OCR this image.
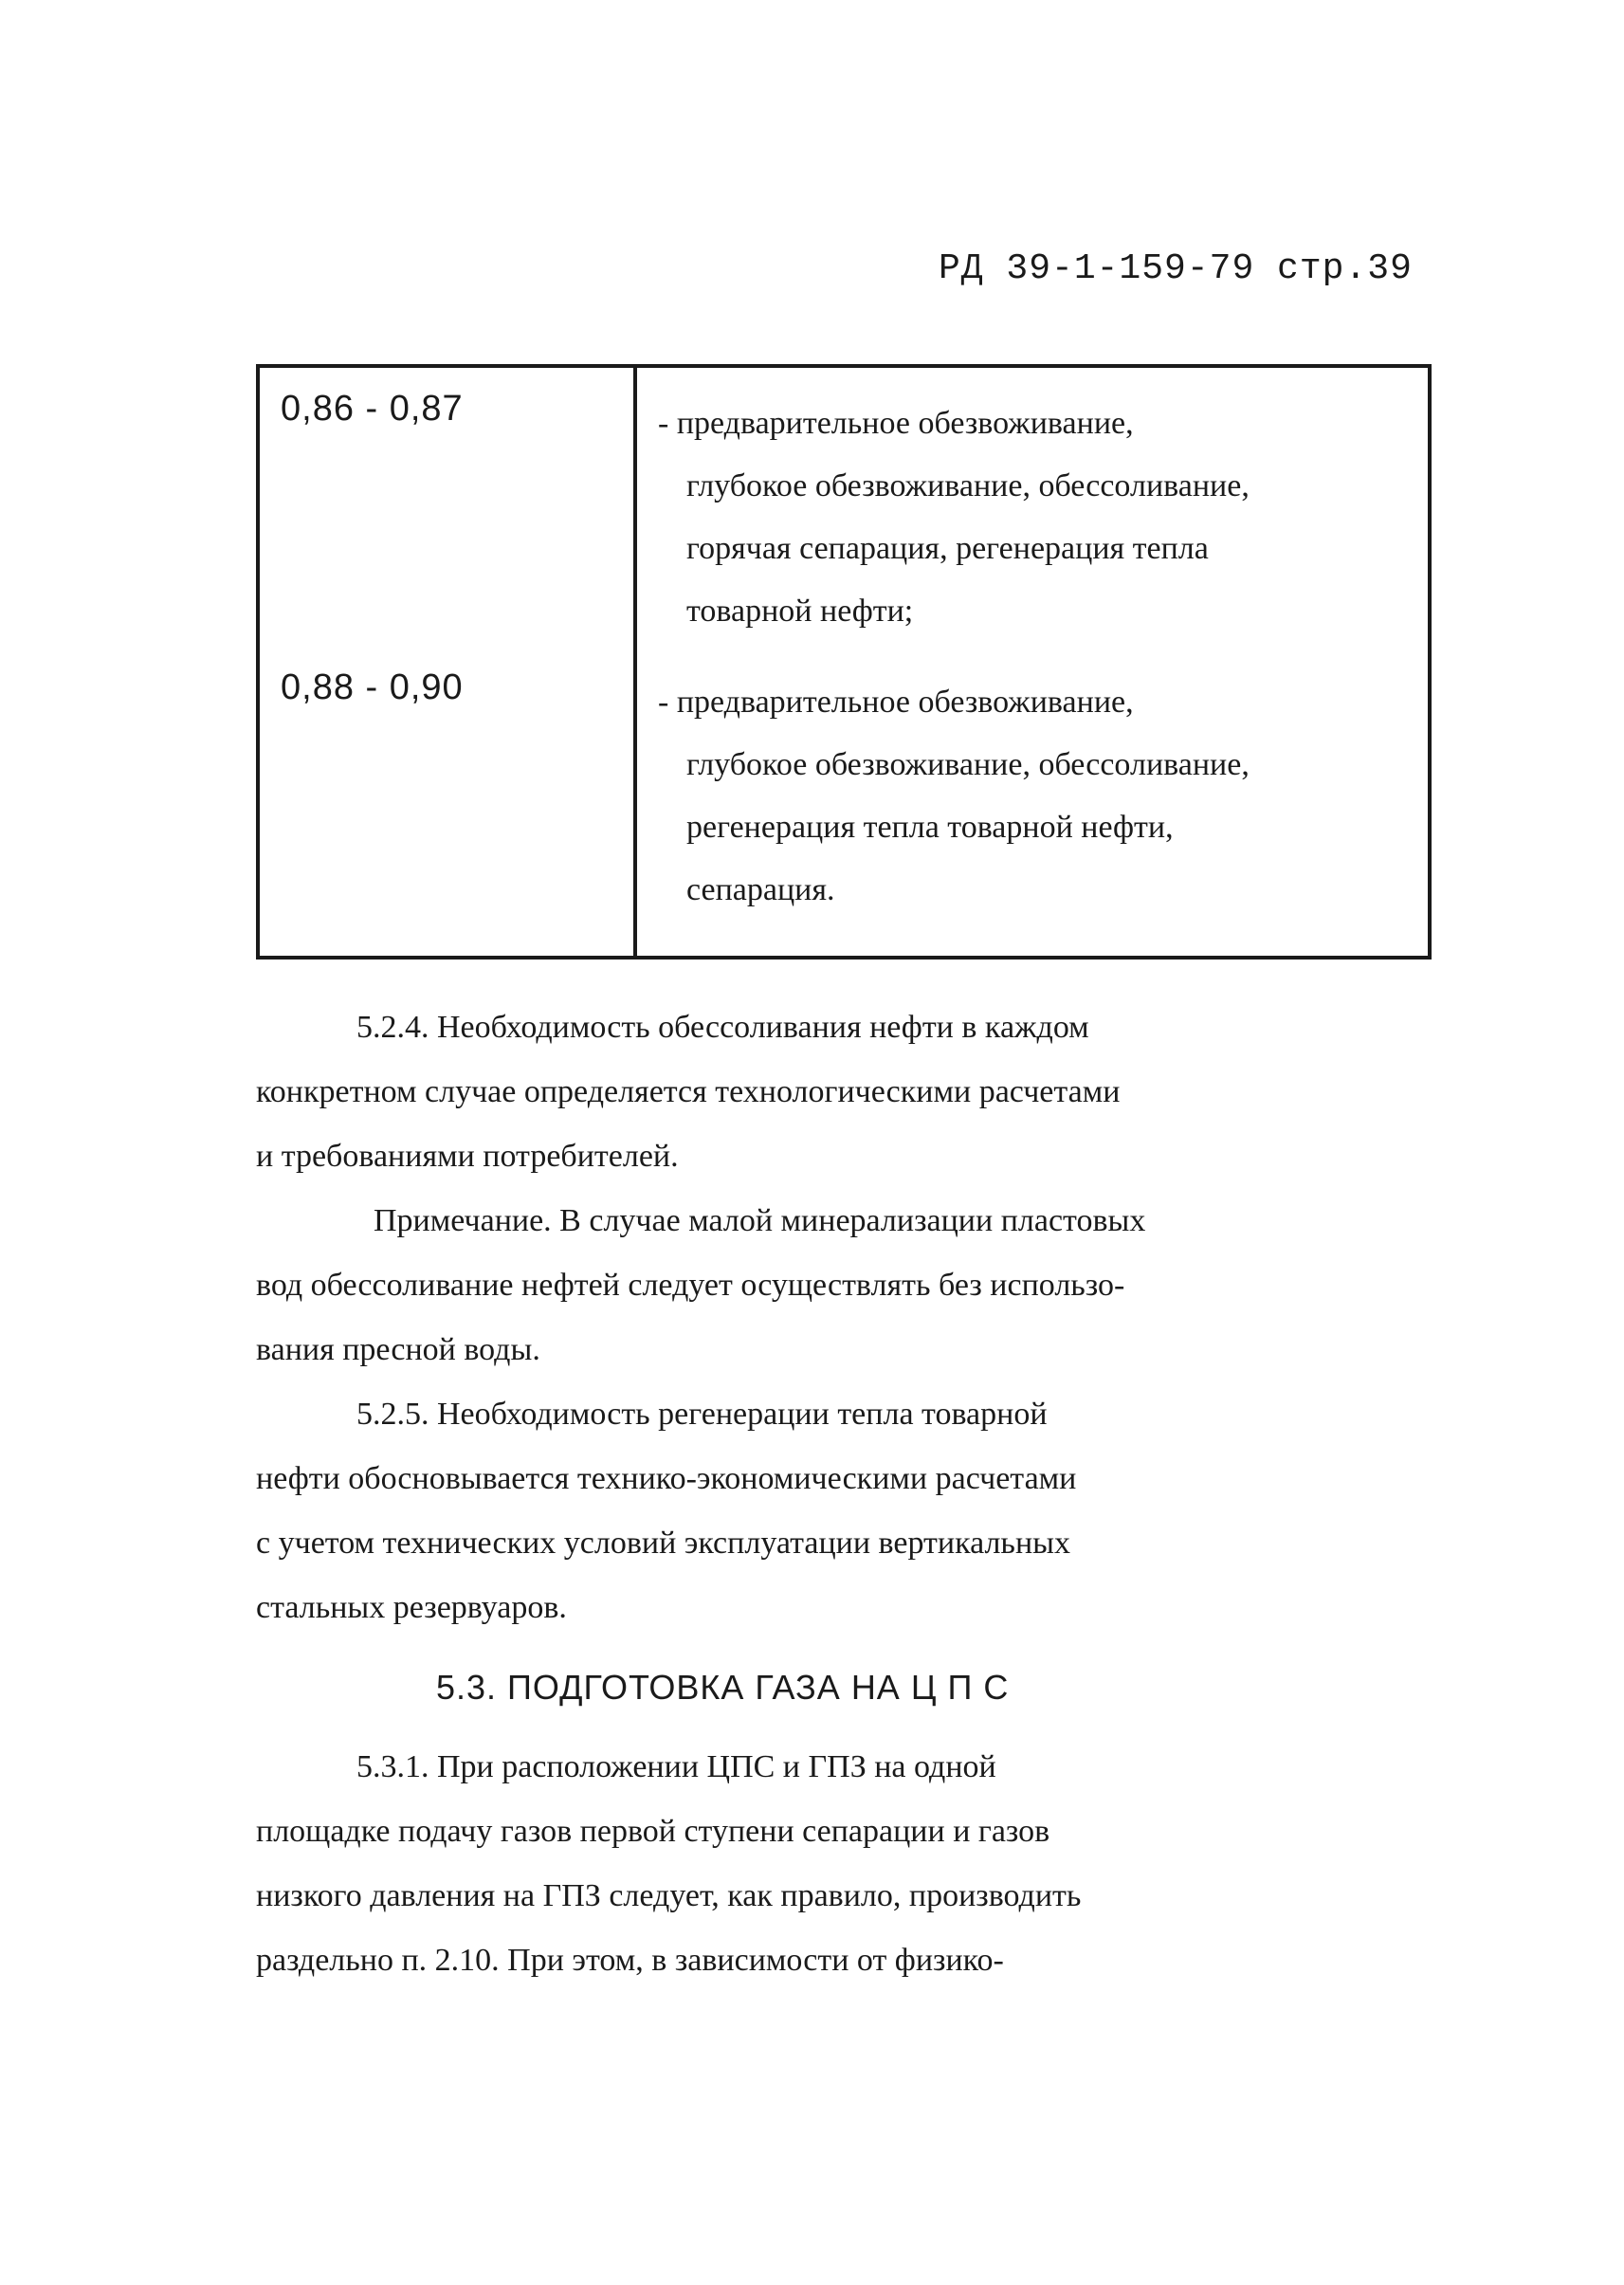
РД 39-1-159-79 стр.39
0,86 - 0,87	- предварительное обезвоживание,
глубокое обезвоживание, обессоливание,
горячая сепарация, регенерация тепла
товарной нефти;
0,88 - 0,90	- предварительное обезвоживание,
глубокое обезвоживание, обессоливание,
регенерация тепла товарной нефти,
сепарация.
5.2.4. Необходимость обессоливания нефти в каждом
конкретном случае определяется технологическими расчетами
и требованиями потребителей.
Примечание. В случае малой минерализации пластовых
вод обессоливание нефтей следует осуществлять без использо-
вания пресной воды.
5.2.5. Необходимость регенерации тепла товарной
нефти обосновывается технико-экономическими расчетами
с учетом технических условий эксплуатации вертикальных
стальных резервуаров.
5.3. ПОДГОТОВКА ГАЗА НА Ц П С
5.3.1. При расположении ЦПС и ГПЗ на одной
площадке подачу газов первой ступени сепарации и газов
низкого давления на ГПЗ следует, как правило, производить
раздельно п. 2.10. При этом, в зависимости от физико-
